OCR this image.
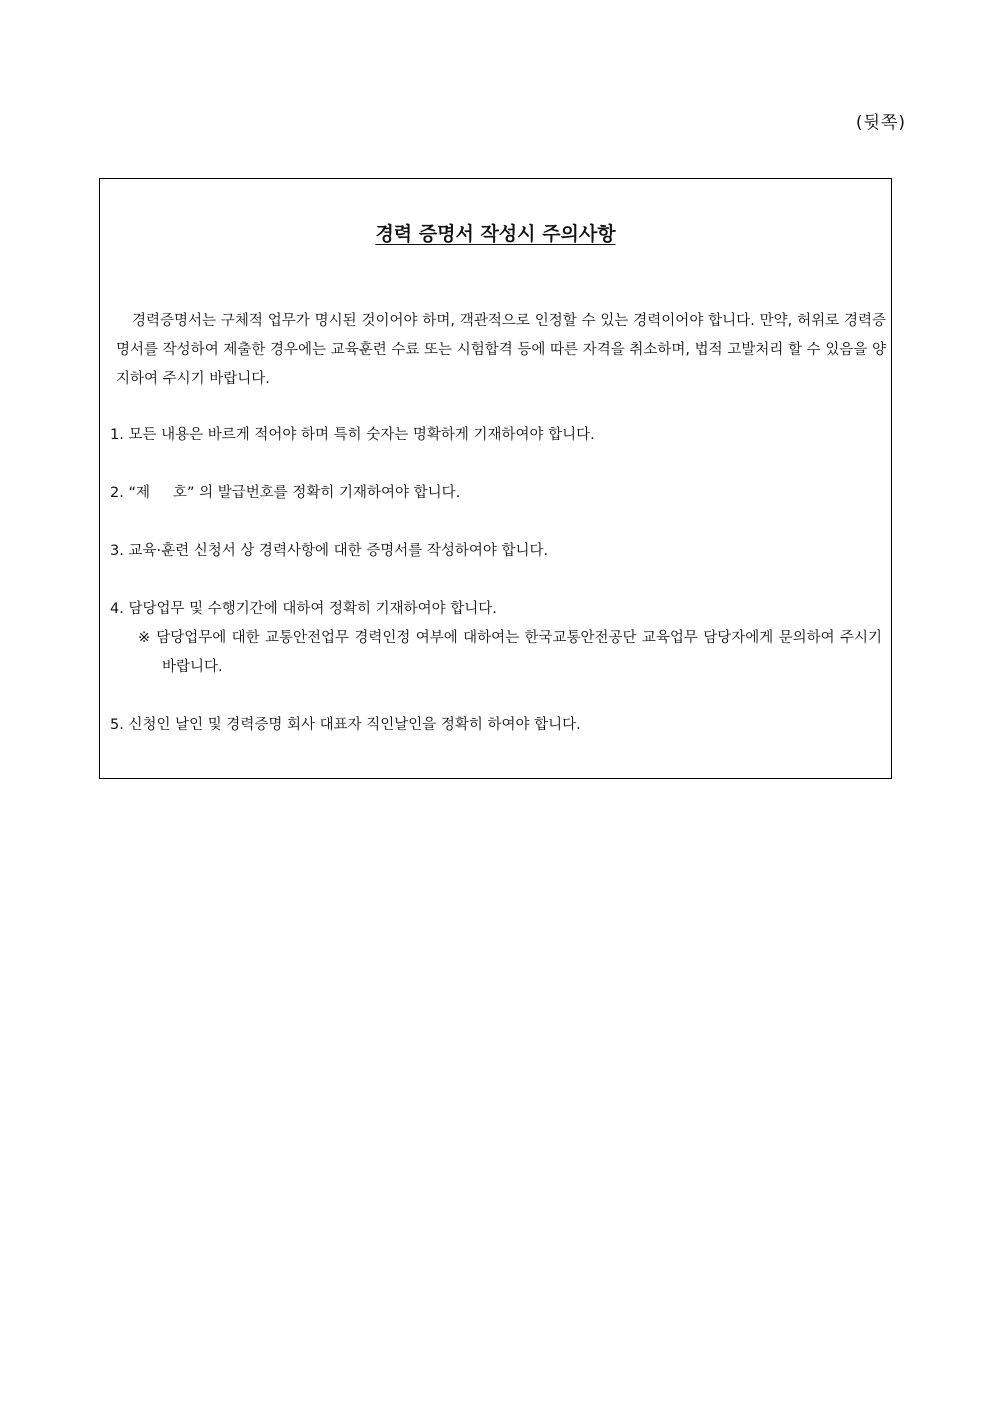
(뒷쪽)
경력 증명서 작성시 주의사항
경력증명서는 구체적 업무가 명시된 것이어야 하며, 객관적으로 인정할 수 있는 경력이어야 합니다. 만약, 허위로 경력증명서를 작성하여 제출한 경우에는 교육훈련 수료 또는 시험합격 등에 따른 자격을 취소하며, 법적 고발처리 할 수 있음을 양지하여 주시기 바랍니다.
1. 모든 내용은 바르게 적어야 하며 특히 숫자는 명확하게 기재하여야 합니다.
2. “제     호” 의 발급번호를 정확히 기재하여야 합니다.
3. 교육·훈련 신청서 상 경력사항에 대한 증명서를 작성하여야 합니다.
4. 담당업무 및 수행기간에 대하여 정확히 기재하여야 합니다.
※ 담당업무에 대한 교통안전업무 경력인정 여부에 대하여는 한국교통안전공단 교육업무 담당자에게 문의하여 주시기 바랍니다.
5. 신청인 날인 및 경력증명 회사 대표자 직인날인을 정확히 하여야 합니다.
